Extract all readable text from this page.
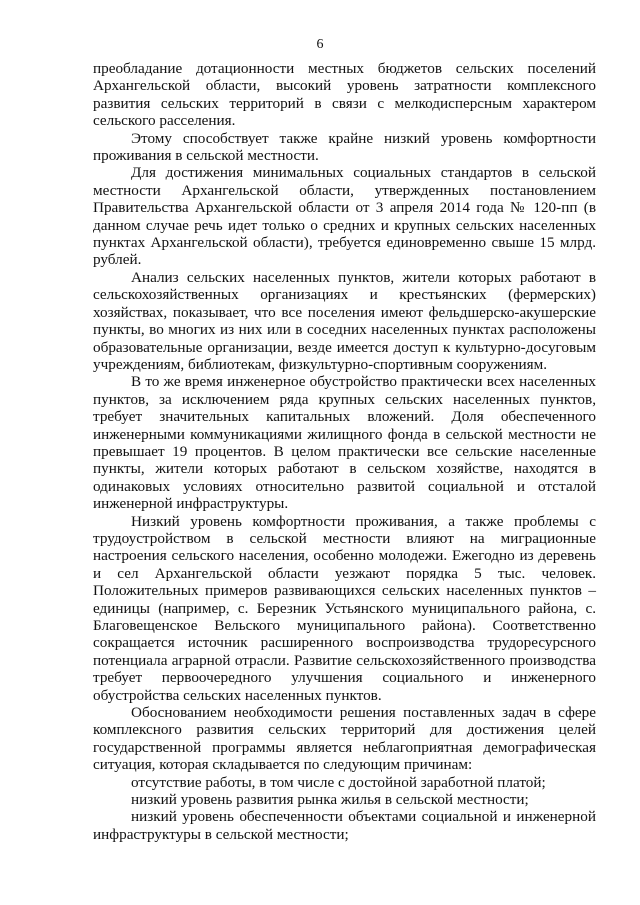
6

преобладание дотационности местных бюджетов сельских поселений Архангельской области, высокий уровень затратности комплексного развития сельских территорий в связи с мелкодисперсным характером сельского расселения.

Этому способствует также крайне низкий уровень комфортности проживания в сельской местности.

Для достижения минимальных социальных стандартов в сельской местности Архангельской области, утвержденных постановлением Правительства Архангельской области от 3 апреля 2014 года № 120-пп (в данном случае речь идет только о средних и крупных сельских населенных пунктах Архангельской области), требуется единовременно свыше 15 млрд. рублей.

Анализ сельских населенных пунктов, жители которых работают в сельскохозяйственных организациях и крестьянских (фермерских) хозяйствах, показывает, что все поселения имеют фельдшерско-акушерские пункты, во многих из них или в соседних населенных пунктах расположены образовательные организации, везде имеется доступ к культурно-досуговым учреждениям, библиотекам, физкультурно-спортивным сооружениям.

В то же время инженерное обустройство практически всех населенных пунктов, за исключением ряда крупных сельских населенных пунктов, требует значительных капитальных вложений. Доля обеспеченного инженерными коммуникациями жилищного фонда в сельской местности не превышает 19 процентов. В целом практически все сельские населенные пункты, жители которых работают в сельском хозяйстве, находятся в одинаковых условиях относительно развитой социальной и отсталой инженерной инфраструктуры.

Низкий уровень комфортности проживания, а также проблемы с трудоустройством в сельской местности влияют на миграционные настроения сельского населения, особенно молодежи. Ежегодно из деревень и сел Архангельской области уезжают порядка 5 тыс. человек. Положительных примеров развивающихся сельских населенных пунктов – единицы (например, с. Березник Устьянского муниципального района, с. Благовещенское Вельского муниципального района). Соответственно сокращается источник расширенного воспроизводства трудоресурсного потенциала аграрной отрасли. Развитие сельскохозяйственного производства требует первоочередного улучшения социального и инженерного обустройства сельских населенных пунктов.

Обоснованием необходимости решения поставленных задач в сфере комплексного развития сельских территорий для достижения целей государственной программы является неблагоприятная демографическая ситуация, которая складывается по следующим причинам:

отсутствие работы, в том числе с достойной заработной платой;

низкий уровень развития рынка жилья в сельской местности;

низкий уровень обеспеченности объектами социальной и инженерной инфраструктуры в сельской местности;
